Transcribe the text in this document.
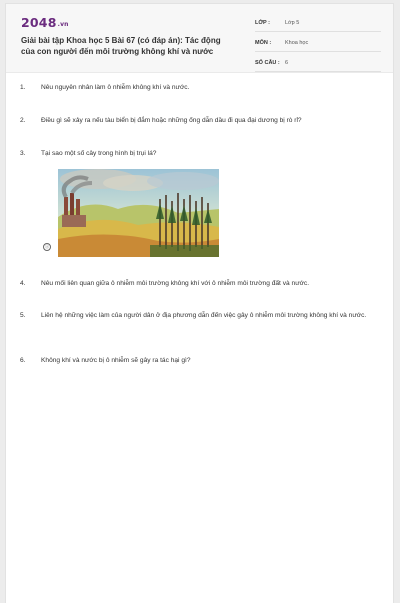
2048.vn
Giải bài tập Khoa học 5 Bài 67 (có đáp án): Tác động của con người đến môi trường không khí và nước
LỚP :	Lớp 5
MÔN :	Khoa học
SỐ CÂU : 6
1.	Nêu nguyên nhân làm ô nhiễm không khí và nước.
2.	Điều gì sẽ xảy ra nếu tàu biển bị đắm hoặc những ống dẫn dầu đi qua đại dương bị rò rỉ?
3.	Tại sao một số cây trong hình bị trụi lá?
ⓐ
4.	Nêu mối liên quan giữa ô nhiễm môi trường không khí với ô nhiễm môi trường đất và nước.
5.	Liên hệ những việc làm của người dân ở địa phương dẫn đến việc gây ô nhiễm môi trường không khí và nước.
6.	Không khí và nước bị ô nhiễm sẽ gây ra tác hại gì?
